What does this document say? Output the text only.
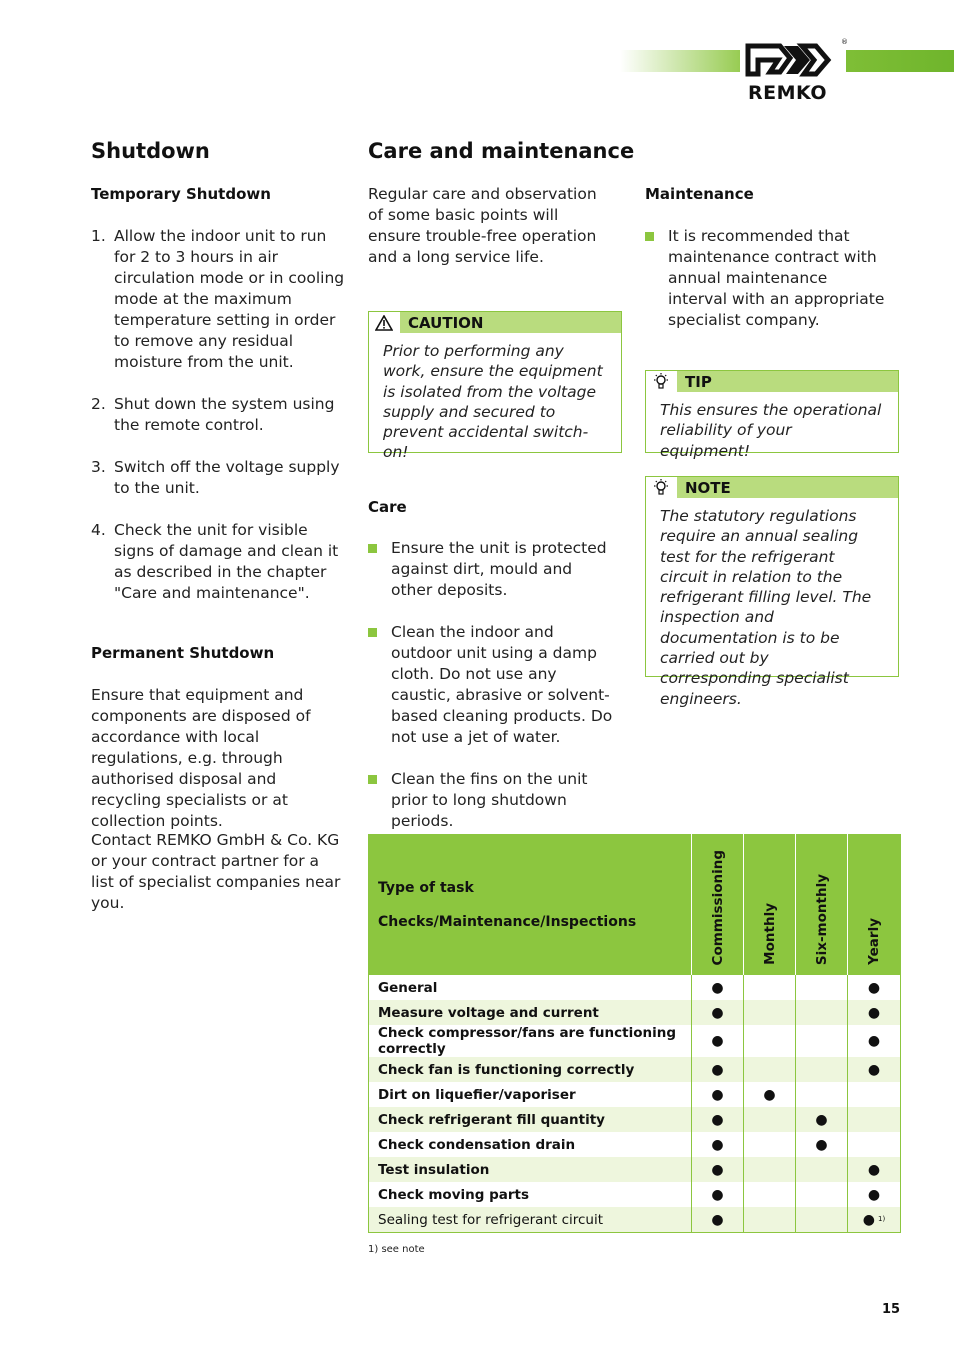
®
REMKO
Shutdown
Temporary Shutdown
1. Allow the indoor unit to run for 2 to 3 hours in air circulation mode or in cooling mode at the maximum temperature setting in order to remove any residual moisture from the unit.
2. Shut down the system using the remote control.
3. Switch off the voltage supply to the unit.
4. Check the unit for visible signs of damage and clean it as described in the chapter "Care and maintenance".
Permanent Shutdown
Ensure that equipment and components are disposed of accordance with local regulations, e.g. through authorised disposal and recycling specialists or at collection points.
Contact REMKO GmbH & Co. KG or your contract partner for a list of specialist companies near you.
Care and maintenance
Regular care and observation of some basic points will ensure trouble-free operation and a long service life.
CAUTION
Prior to performing any work, ensure the equipment is isolated from the voltage supply and secured to prevent accidental switch-on!
Care
Ensure the unit is protected against dirt, mould and other deposits.
Clean the indoor and outdoor unit using a damp cloth. Do not use any caustic, abrasive or solvent-based cleaning products. Do not use a jet of water.
Clean the fins on the unit prior to long shutdown periods.
Maintenance
It is recommended that maintenance contract with annual maintenance interval with an appropriate specialist company.
TIP
This ensures the operational reliability of your equipment!
NOTE
The statutory regulations require an annual sealing test for the refrigerant circuit in relation to the refrigerant filling level. The inspection and documentation is to be carried out by corresponding specialist engineers.
Type of task
Checks/Maintenance/Inspections	Commissioning	Monthly	Six-monthly	Yearly

General	●			●
Measure voltage and current	●			●
Check compressor/fans are functioning correctly	●			●
Check fan is functioning correctly	●			●
Dirt on liquefier/vaporiser	●	●		
Check refrigerant fill quantity	●		●	
Check condensation drain	●		●	
Test insulation	●			●
Check moving parts	●			●
Sealing test for refrigerant circuit	●			● $^{1)}$
1) see note
15
